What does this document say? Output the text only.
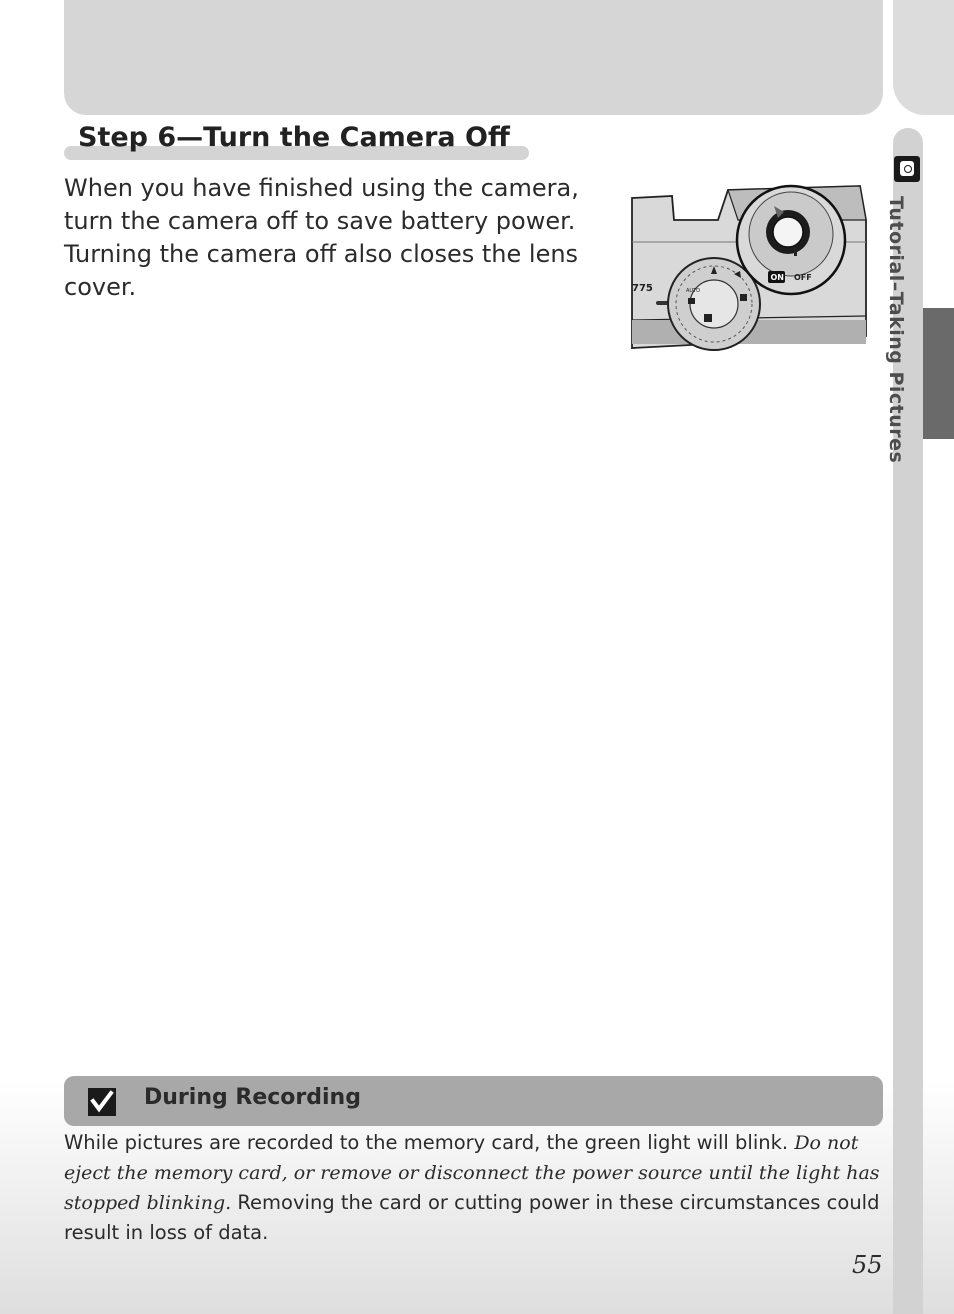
Tutorial–Taking Pictures
Step 6—Turn the Camera Off

When you have finished using the camera, turn the camera off to save battery power. Turning the camera off also closes the lens cover.	775	AUTO
ON OFF
During Recording

While pictures are recorded to the memory card, the green light will blink. Do not eject the memory card, or remove or disconnect the power source until the light has stopped blinking. Removing the card or cutting power in these circumstances could result in loss of data.

55
